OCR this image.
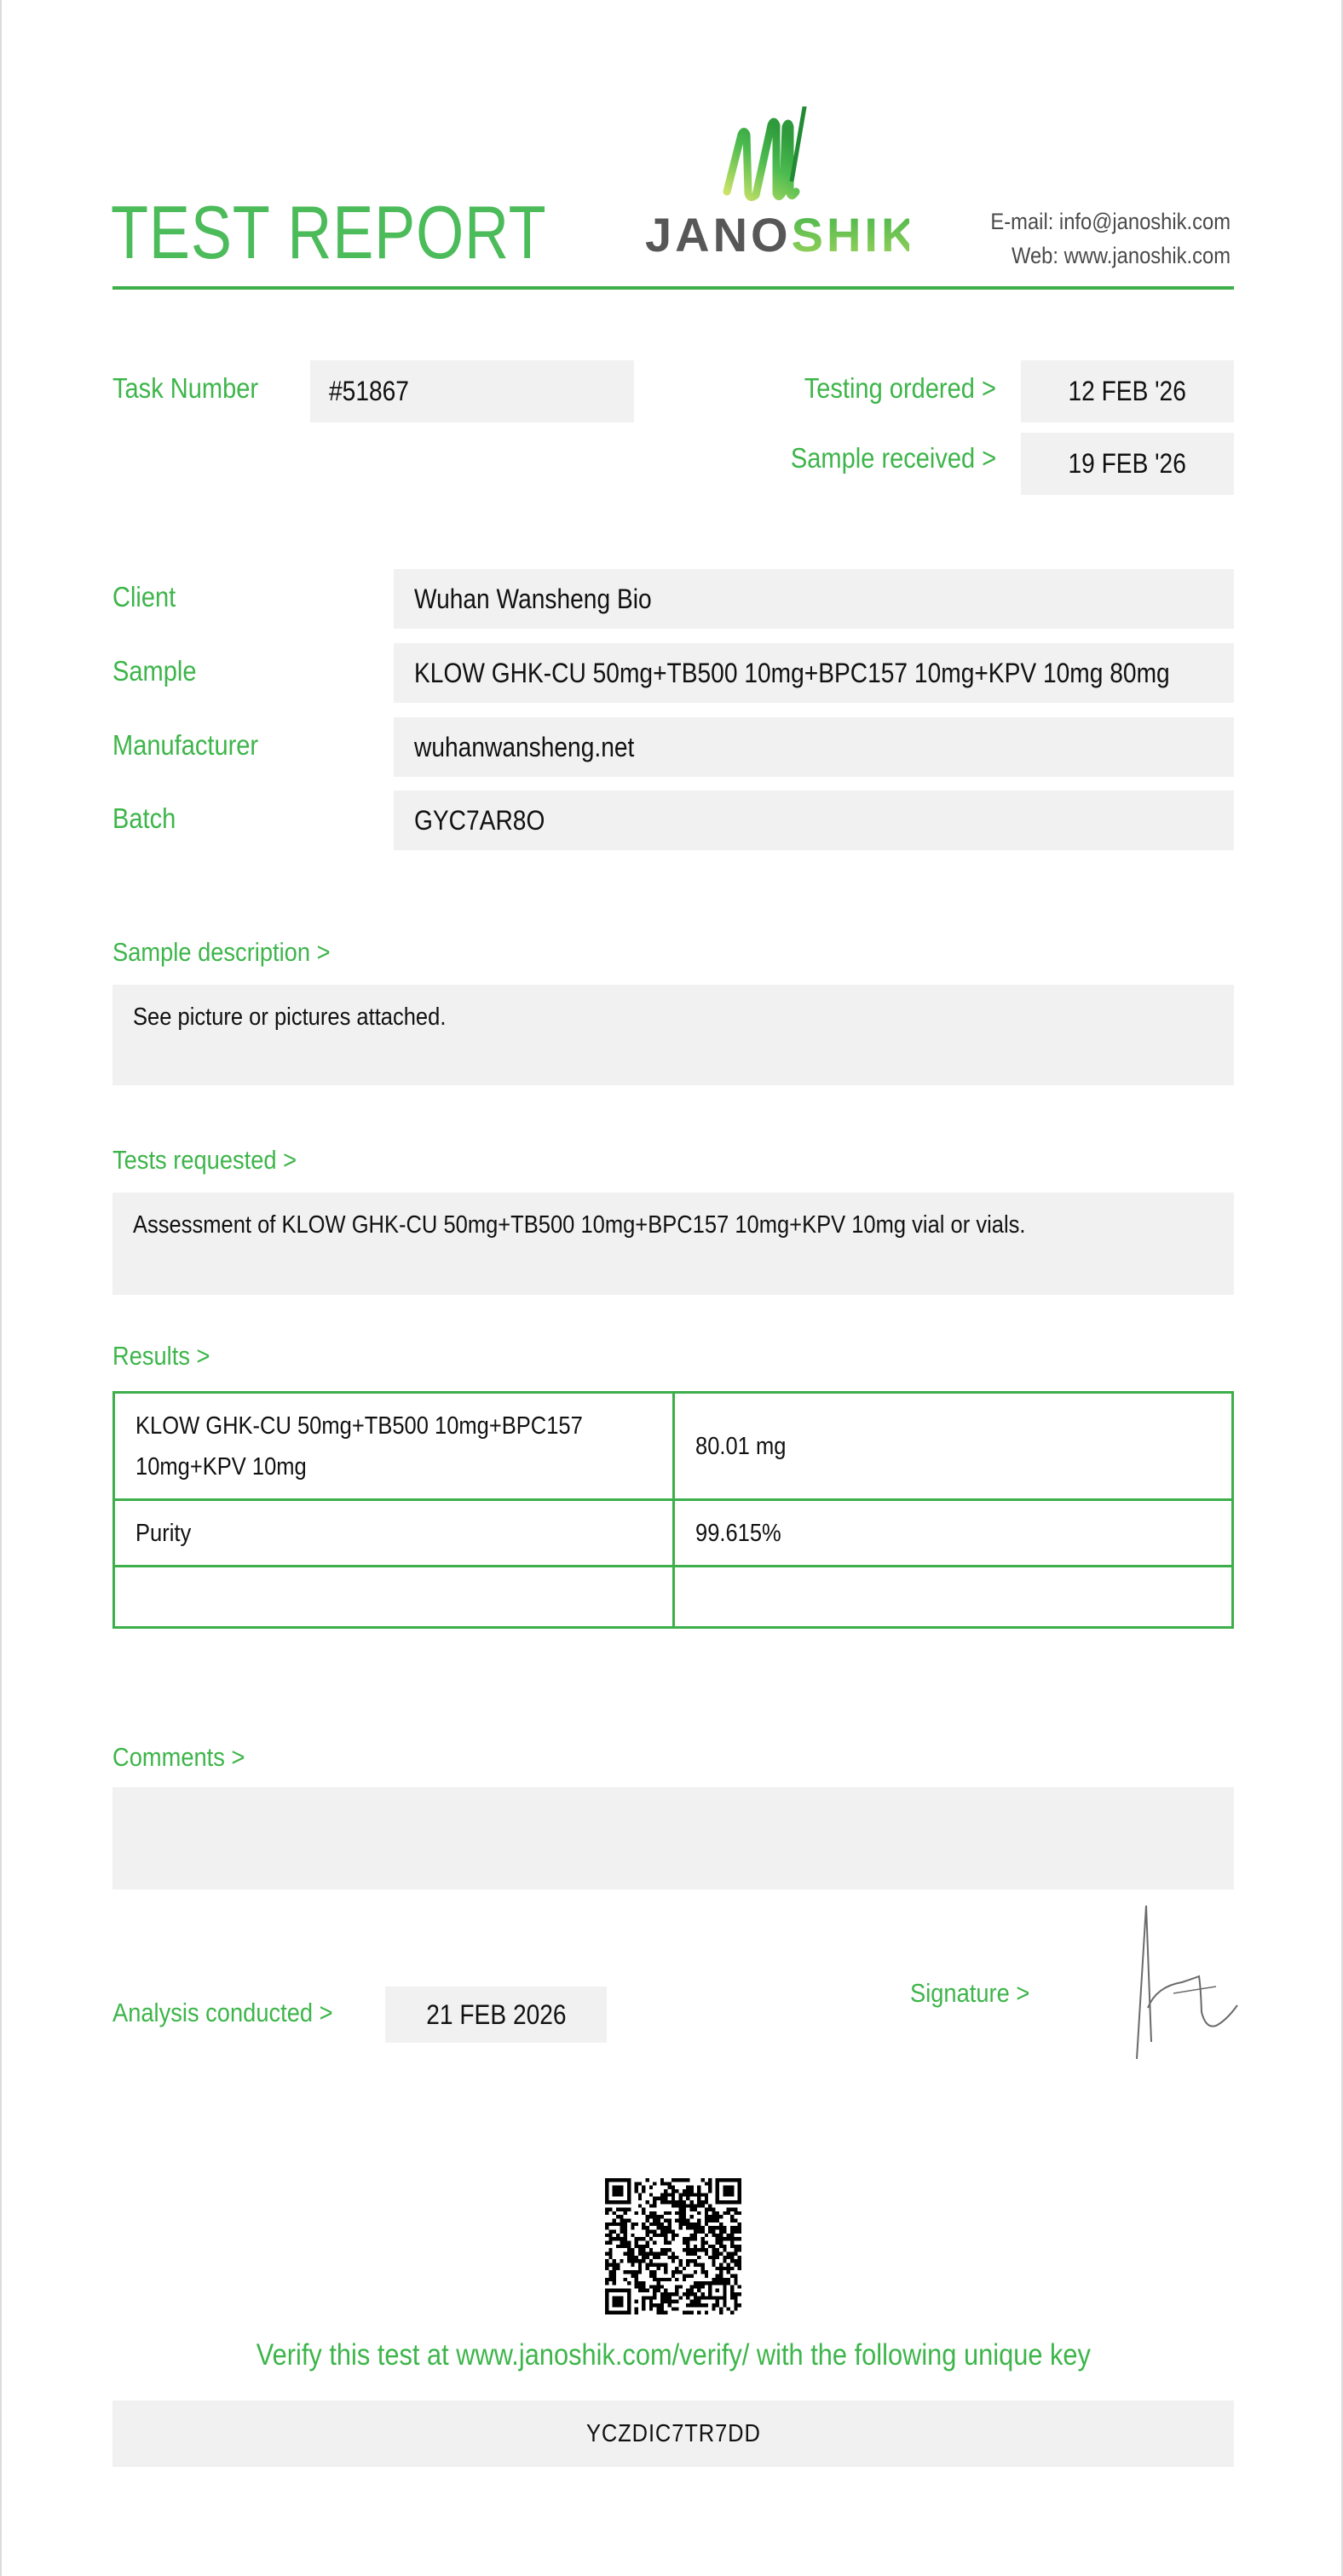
TEST REPORT JANOSHIK	E-mail: info@janoshik.com
Web: www.janoshik.com
Task Number	#51867	Testing ordered >	12 FEB '26
Sample received >	19 FEB '26
Client	Wuhan Wansheng Bio
Sample	KLOW GHK-CU 50mg+TB500 10mg+BPC157 10mg+KPV 10mg 80mg
Manufacturer	wuhanwansheng.net
Batch	GYC7AR8O
Sample description >
See picture or pictures attached.
Tests requested >
Assessment of KLOW GHK-CU 50mg+TB500 10mg+BPC157 10mg+KPV 10mg vial or vials.
Results >
KLOW GHK-CU 50mg+TB500 10mg+BPC157 10mg+KPV 10mg	80.01 mg

Purity	99.615%

Comments >
Analysis conducted >	21 FEB 2026
Signature >
Verify this test at www.janoshik.com/verify/ with the following unique key
YCZDIC7TR7DD
